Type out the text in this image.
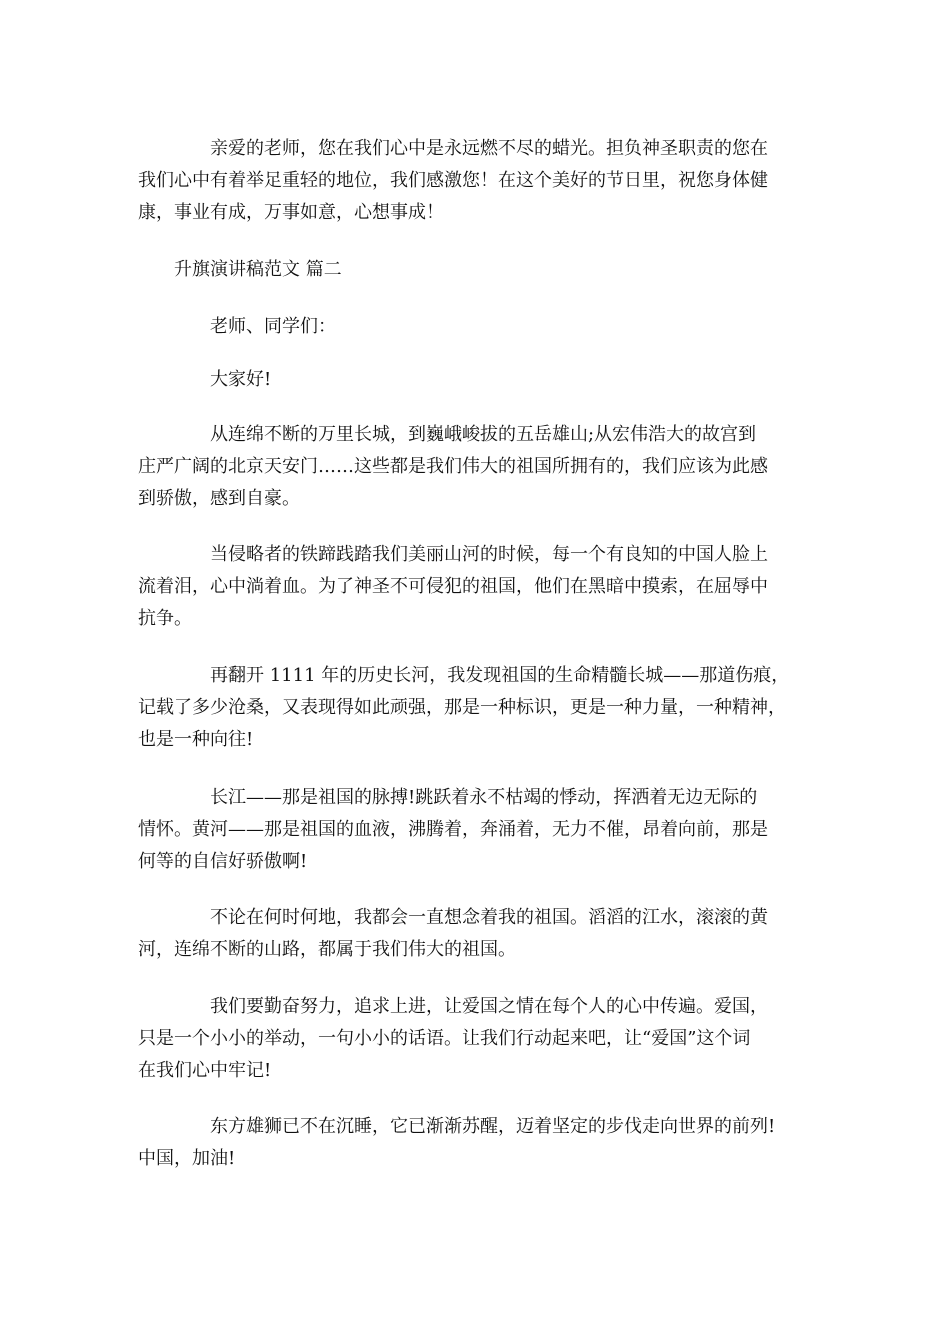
亲爱的老师，您在我们心中是永远燃不尽的蜡光。担负神圣职责的您在

我们心中有着举足重轻的地位，我们感激您！在这个美好的节日里，祝您身体健

康，事业有成，万事如意，心想事成！

升旗演讲稿范文 篇二

老师、同学们：

大家好!

从连绵不断的万里长城，到巍峨峻拔的五岳雄山;从宏伟浩大的故宫到

庄严广阔的北京天安门……这些都是我们伟大的祖国所拥有的，我们应该为此感

到骄傲，感到自豪。

当侵略者的铁蹄践踏我们美丽山河的时候，每一个有良知的中国人脸上

流着泪，心中淌着血。为了神圣不可侵犯的祖国，他们在黑暗中摸索，在屈辱中

抗争。

再翻开 1111 年的历史长河，我发现祖国的生命精髓长城——那道伤痕，

记载了多少沧桑，又表现得如此顽强，那是一种标识，更是一种力量，一种精神，

也是一种向往!

长江——那是祖国的脉搏!跳跃着永不枯竭的悸动，挥洒着无边无际的

情怀。黄河——那是祖国的血液，沸腾着，奔涌着，无力不催，昂着向前，那是

何等的自信好骄傲啊!

不论在何时何地，我都会一直想念着我的祖国。滔滔的江水，滚滚的黄

河，连绵不断的山路，都属于我们伟大的祖国。

我们要勤奋努力，追求上进，让爱国之情在每个人的心中传遍。爱国，

只是一个小小的举动，一句小小的话语。让我们行动起来吧，让“爱国”这个词

在我们心中牢记!

东方雄狮已不在沉睡，它已渐渐苏醒，迈着坚定的步伐走向世界的前列!

中国，加油!
